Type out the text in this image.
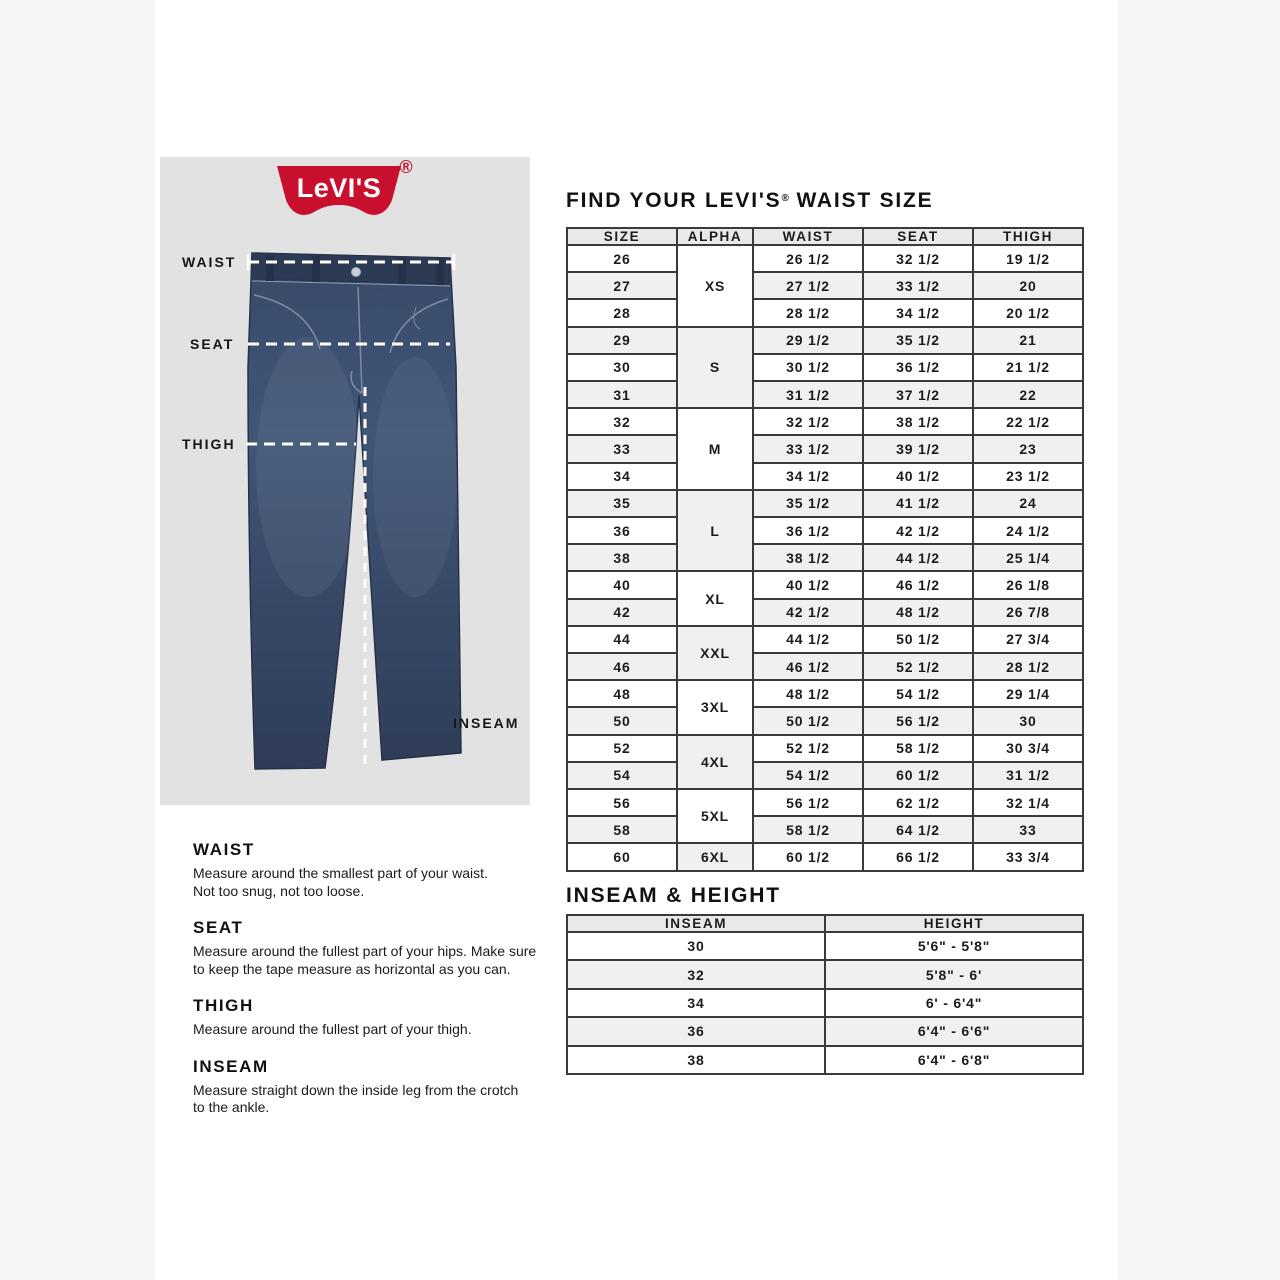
LeVI'S
®
WAIST
SEAT
THIGH
INSEAM
WAIST
Measure around the smallest part of your waist.
Not too snug, not too loose.
SEAT
Measure around the fullest part of your hips. Make sure
to keep the tape measure as horizontal as you can.
THIGH
Measure around the fullest part of your thigh.
INSEAM
Measure straight down the inside leg from the crotch
to the ankle.
FIND YOUR LEVI'S® WAIST SIZE
SIZE	ALPHA	WAIST	SEAT	THIGH
26	XS	26 1/2	32 1/2	19 1/2
27		27 1/2	33 1/2	20
28		28 1/2	34 1/2	20 1/2
29	S	29 1/2	35 1/2	21
30		30 1/2	36 1/2	21 1/2
31		31 1/2	37 1/2	22
32	M	32 1/2	38 1/2	22 1/2
33		33 1/2	39 1/2	23
34		34 1/2	40 1/2	23 1/2
35	L	35 1/2	41 1/2	24
36		36 1/2	42 1/2	24 1/2
38		38 1/2	44 1/2	25 1/4
40	XL	40 1/2	46 1/2	26 1/8
42		42 1/2	48 1/2	26 7/8
44	XXL	44 1/2	50 1/2	27 3/4
46		46 1/2	52 1/2	28 1/2
48	3XL	48 1/2	54 1/2	29 1/4
50		50 1/2	56 1/2	30
52	4XL	52 1/2	58 1/2	30 3/4
54		54 1/2	60 1/2	31 1/2
56	5XL	56 1/2	62 1/2	32 1/4
58		58 1/2	64 1/2	33
60	6XL	60 1/2	66 1/2	33 3/4
INSEAM & HEIGHT
INSEAM	HEIGHT
30	5'6" - 5'8"
32	5'8" - 6'
34	6' - 6'4"
36	6'4" - 6'6"
38	6'4" - 6'8"
